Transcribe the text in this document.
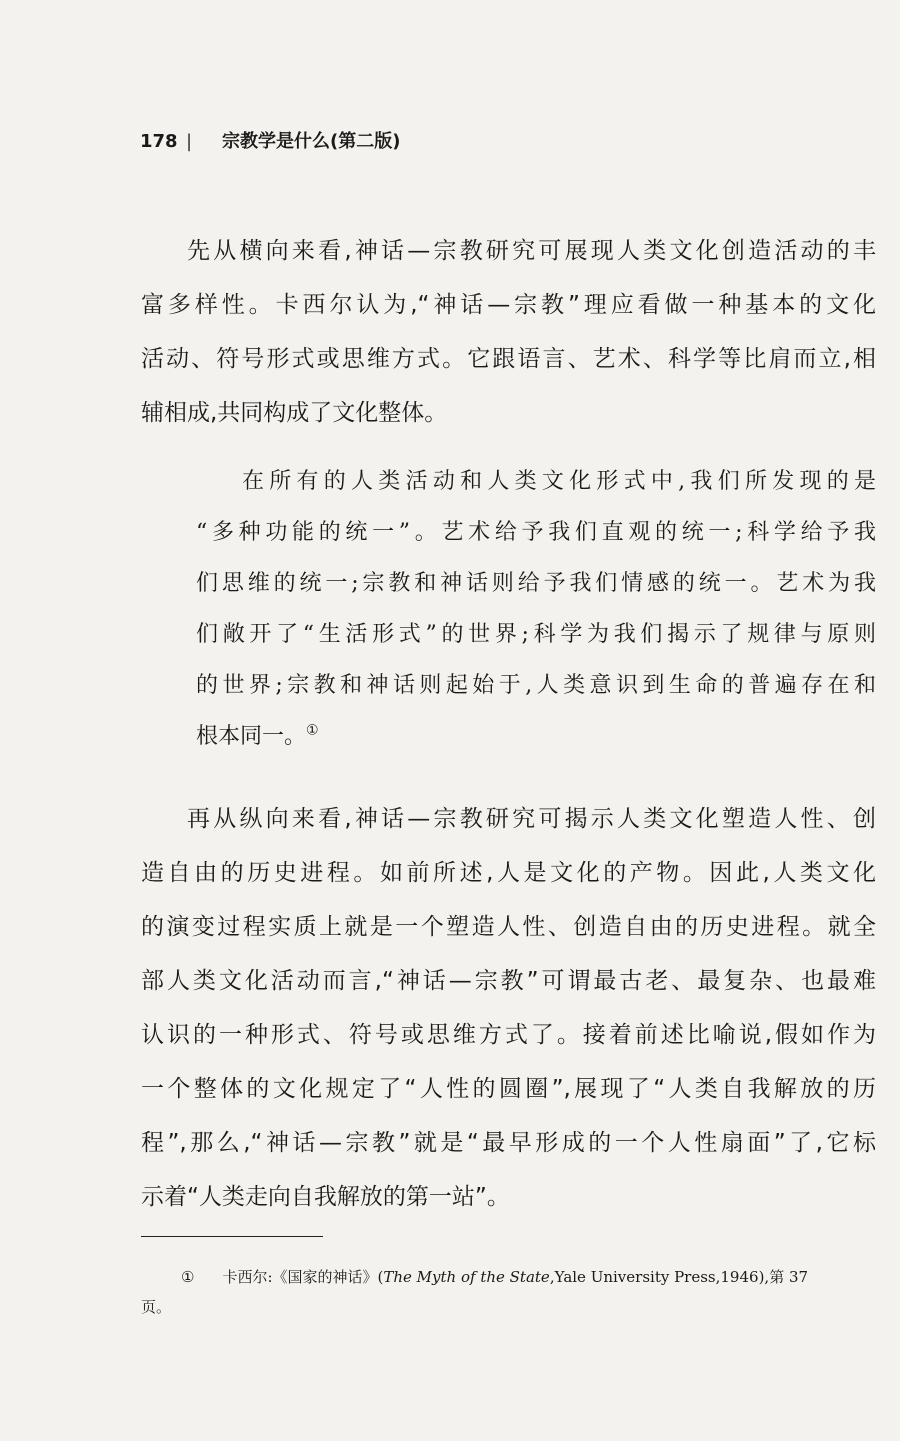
178 | 宗教学是什么(第二版)
先从横向来看,神话—宗教研究可展现人类文化创造活动的丰
富多样性。卡西尔认为,“神话—宗教”理应看做一种基本的文化
活动、符号形式或思维方式。它跟语言、艺术、科学等比肩而立,相
辅相成,共同构成了文化整体。
在所有的人类活动和人类文化形式中,我们所发现的是
“多种功能的统一”。艺术给予我们直观的统一;科学给予我
们思维的统一;宗教和神话则给予我们情感的统一。艺术为我
们敞开了“生活形式”的世界;科学为我们揭示了规律与原则
的世界;宗教和神话则起始于,人类意识到生命的普遍存在和
根本同一。①
再从纵向来看,神话—宗教研究可揭示人类文化塑造人性、创
造自由的历史进程。如前所述,人是文化的产物。因此,人类文化
的演变过程实质上就是一个塑造人性、创造自由的历史进程。就全
部人类文化活动而言,“神话—宗教”可谓最古老、最复杂、也最难
认识的一种形式、符号或思维方式了。接着前述比喻说,假如作为
一个整体的文化规定了“人性的圆圈”,展现了“人类自我解放的历
程”,那么,“神话—宗教”就是“最早形成的一个人性扇面”了,它标
示着“人类走向自我解放的第一站”。
① 卡西尔:《国家的神话》(The Myth of the State,Yale University Press,1946),第 37
页。
